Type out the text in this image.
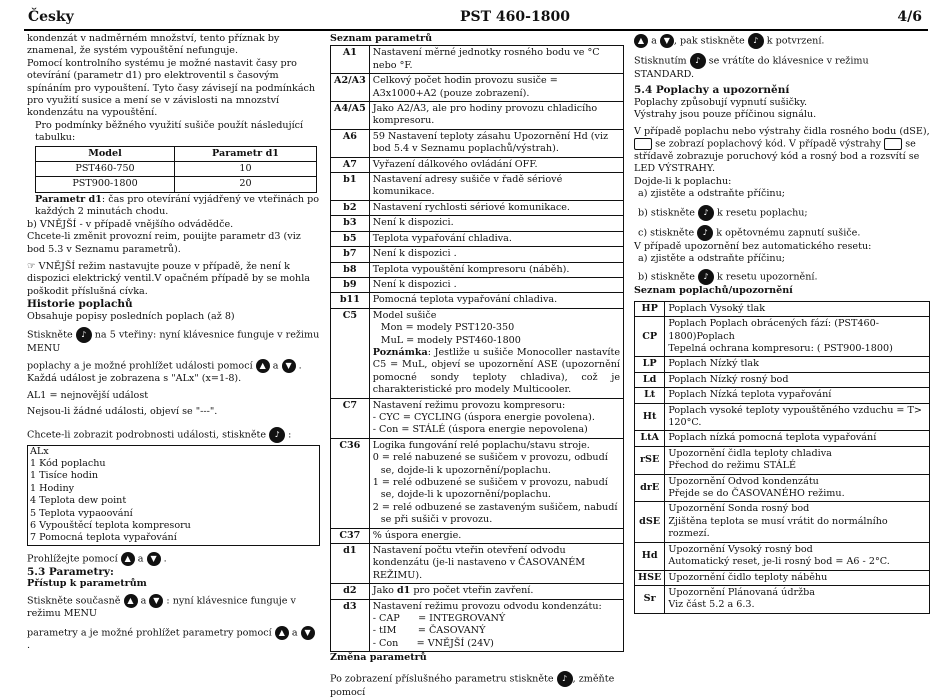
Česky	PST 460-1800	4/6

kondenzát v nadměrném množství, tento příznak by znamenal, že systém vypouštění nefunguje.

Pomocí kontrolního systému je možné nastavit časy pro otevírání (parametr d1) pro elektroventil s časovým spínáním pro vypouštení. Tyto časy závisejí na podmínkách pro využití susice a mení se v závislosti na mnozství kondenzátu na vypouštění.

Pro podmínky běžného využití sušiče použít následující tabulku:

Model	Parametr d1
PST460-750	10
PST900-1800	20

Parametr d1: čas pro otevírání vyjádřený ve vteřinách po každých 2 minutách chodu.

b) VNĚJŠÍ - v případě vnějšího odvádědče.

Chcete-li změnit provozní reim, pouijte parametr d3 (viz bod 5.3 v Seznamu parametrů).

☞ VNĚJŠÍ režim nastavujte pouze v případě, že není k dispozici elektrický ventil.V opačném případě by se mohla poškodit příslušná cívka.

Historie poplachů

Obsahuje popisy posledních poplach (až 8)

Stiskněte ♪ na 5 vteřiny: nyní klávesnice funguje v režimu MENU

poplachy a je možné prohlížet události pomocí ▲ a ▼ .

Každá událost je zobrazena s "ALx" (x=1-8).

AL1 = nejnovější událost

Nejsou-li žádné události, objeví se "---".

Chcete-li zobrazit podrobnosti události, stiskněte ♪ :

ALx

1 Kód poplachu

1 Tisíce hodin

1 Hodiny

4 Teplota dew point

5 Teplota vypaoování

6 Vypouštěcí teplota kompresoru

7 Pomocná teplota vypařování

Prohlížejte pomocí ▲ a ▼ .

5.3 Parametry:

Přístup k parametrům

Stiskněte současně ▲ a ▼ : nyní klávesnice funguje v režimu MENU

parametry a je možné prohlížet parametry pomocí ▲ a ▼ .

Seznam parametrů

A1	Nastavení měrné jednotky rosného bodu ve °C nebo °F.
A2/A3	Celkový počet hodin provozu susiče = A3x1000+A2 (pouze zobrazení).
A4/A5	Jako A2/A3, ale pro hodiny provozu chladicího kompresoru.
A6	59 Nastavení teploty zásahu Upozornění Hd (viz bod 5.4 v Seznamu poplachů/výstrah).
A7	Vyřazení dálkového ovládání OFF.
b1	Nastavení adresy sušiče v řadě sériové komunikace.
b2	Nastavení rychlosti sériové komunikace.
b3	Není k dispozici.
b5	Teplota vypařování chladiva.
b7	Není k dispozici .
b8	Teplota vypouštění kompresoru (náběh).
b9	Není k dispozici .
b11	Pomocná teplota vypařování chladiva.
C5	Model sušiče

Mon = modely PST120-350

MuL = modely PST460-1800

Poznámka: Jestliže u sušiče Monocoller nastavíte C5 = MuL, objeví se upozornění ASE (upozornění pomocné sondy teploty chladiva), což je charakteristické pro modely Multicooler.

C7	Nastavení režimu provozu kompresoru:

- CYC = CYCLING (úspora energie povolena).

- Con = STÁLÉ (úspora energie nepovolena)

C36	Logika fungování relé poplachu/stavu stroje.

0 = relé nabuzené se sušičem v provozu, odbudí se, dojde-li k upozornění/poplachu.

1 = relé odbuzené se sušičem v provozu, nabudí se, dojde-li k upozornění/poplachu.

2 = relé odbuzené se zastaveným sušičem, nabudí se při sušiči v provozu.

C37	% úspora energie.
d1	Nastavení počtu vteřin otevření odvodu kondenzátu (je-li nastaveno v ČASOVANÉM REŽIMU).
d2	Jako d1 pro počet vteřin zavření.
d3	Nastavení režimu provozu odvodu kondenzátu:

- CAP      = INTEGROVANÝ

- tIM       = ČASOVANÝ

- Con      = VNĚJŠÍ (24V)

Změna parametrů

Po zobrazení příslušného parametru stiskněte ♪ , změňte pomocí

▲ a ▼ , pak stiskněte ♪ k potvrzení.

Stisknutím ♪ se vrátíte do klávesnice v režimu STANDARD.

5.4 Poplachy a upozornění

Poplachy způsobují vypnutí sušičky.

Výstrahy jsou pouze příčinou signálu.

V případě poplachu nebo výstrahy čidla rosného bodu (dSE),  se zobrazí poplachový kód. V případě výstrahy	se střídavě zobrazuje poruchový kód a rosný bod a rozsvítí se LED VÝSTRAHY.

Dojde-li k poplachu:

a) zjistěte a odstraňte příčinu;

b) stiskněte ♪ k resetu poplachu;

c) stiskněte ♪ k opětovnému zapnutí sušiče.

V případě upozornění bez automatického resetu:

a) zjistěte a odstraňte příčinu;

b) stiskněte ♪ k resetu upozornění.

Seznam poplachů/upozornění

HP	Poplach Vysoký tlak

CP	Poplach Poplach obrácených fází: (PST460-1800)Poplach

Tepelná ochrana kompresoru: ( PST900-1800)

LP	Poplach Nízký tlak

Ld	Poplach Nízký rosný bod

Lt	Poplach Nízká teplota vypařování

Ht	Poplach vysoké teploty vypouštěného vzduchu = T> 120°C.

LtA	Poplach nízká pomocná teplota vypařování

rSE	Upozornění čidla teploty chladiva

Přechod do režimu STÁLÉ

drE	Upozornění Odvod kondenzátu

Přejde se do ČASOVANÉHO režimu.

dSE	Upozornění Sonda rosný bod

Zjištěna teplota se musí vrátit do normálního rozmezí.

Hd	Upozornění Vysoký rosný bod

Automatický reset, je-li rosný bod = A6 - 2°C.

HSE	Upozornění čidlo teploty náběhu

Sr	Upozornění Plánovaná údržba

Viz část 5.2 a 6.3.
